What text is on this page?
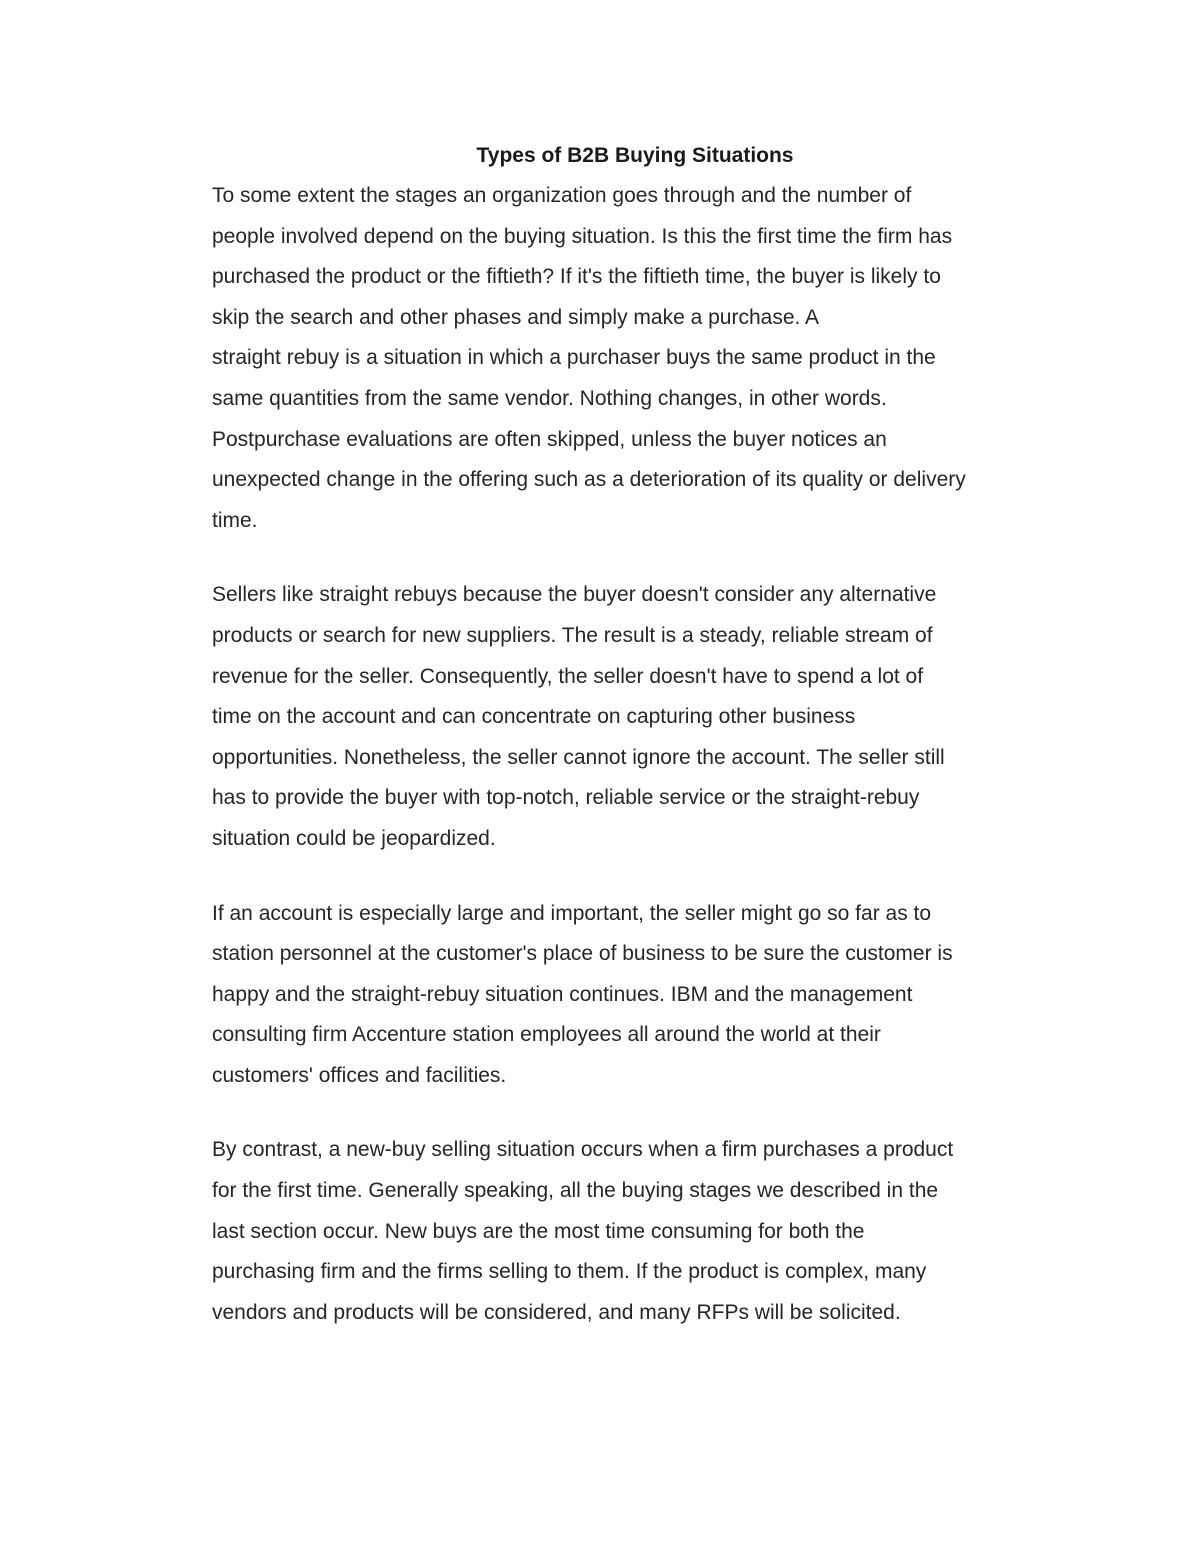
Types of B2B Buying Situations

To some extent the stages an organization goes through and the number of
people involved depend on the buying situation. Is this the first time the firm has
purchased the product or the fiftieth? If it's the fiftieth time, the buyer is likely to
skip the search and other phases and simply make a purchase. A
straight rebuy is a situation in which a purchaser buys the same product in the
same quantities from the same vendor. Nothing changes, in other words.
Postpurchase evaluations are often skipped, unless the buyer notices an
unexpected change in the offering such as a deterioration of its quality or delivery
time.

Sellers like straight rebuys because the buyer doesn't consider any alternative
products or search for new suppliers. The result is a steady, reliable stream of
revenue for the seller. Consequently, the seller doesn't have to spend a lot of
time on the account and can concentrate on capturing other business
opportunities. Nonetheless, the seller cannot ignore the account. The seller still
has to provide the buyer with top-notch, reliable service or the straight-rebuy
situation could be jeopardized.

If an account is especially large and important, the seller might go so far as to
station personnel at the customer's place of business to be sure the customer is
happy and the straight-rebuy situation continues. IBM and the management
consulting firm Accenture station employees all around the world at their
customers' offices and facilities.

By contrast, a new-buy selling situation occurs when a firm purchases a product
for the first time. Generally speaking, all the buying stages we described in the
last section occur. New buys are the most time consuming for both the
purchasing firm and the firms selling to them. If the product is complex, many
vendors and products will be considered, and many RFPs will be solicited.
